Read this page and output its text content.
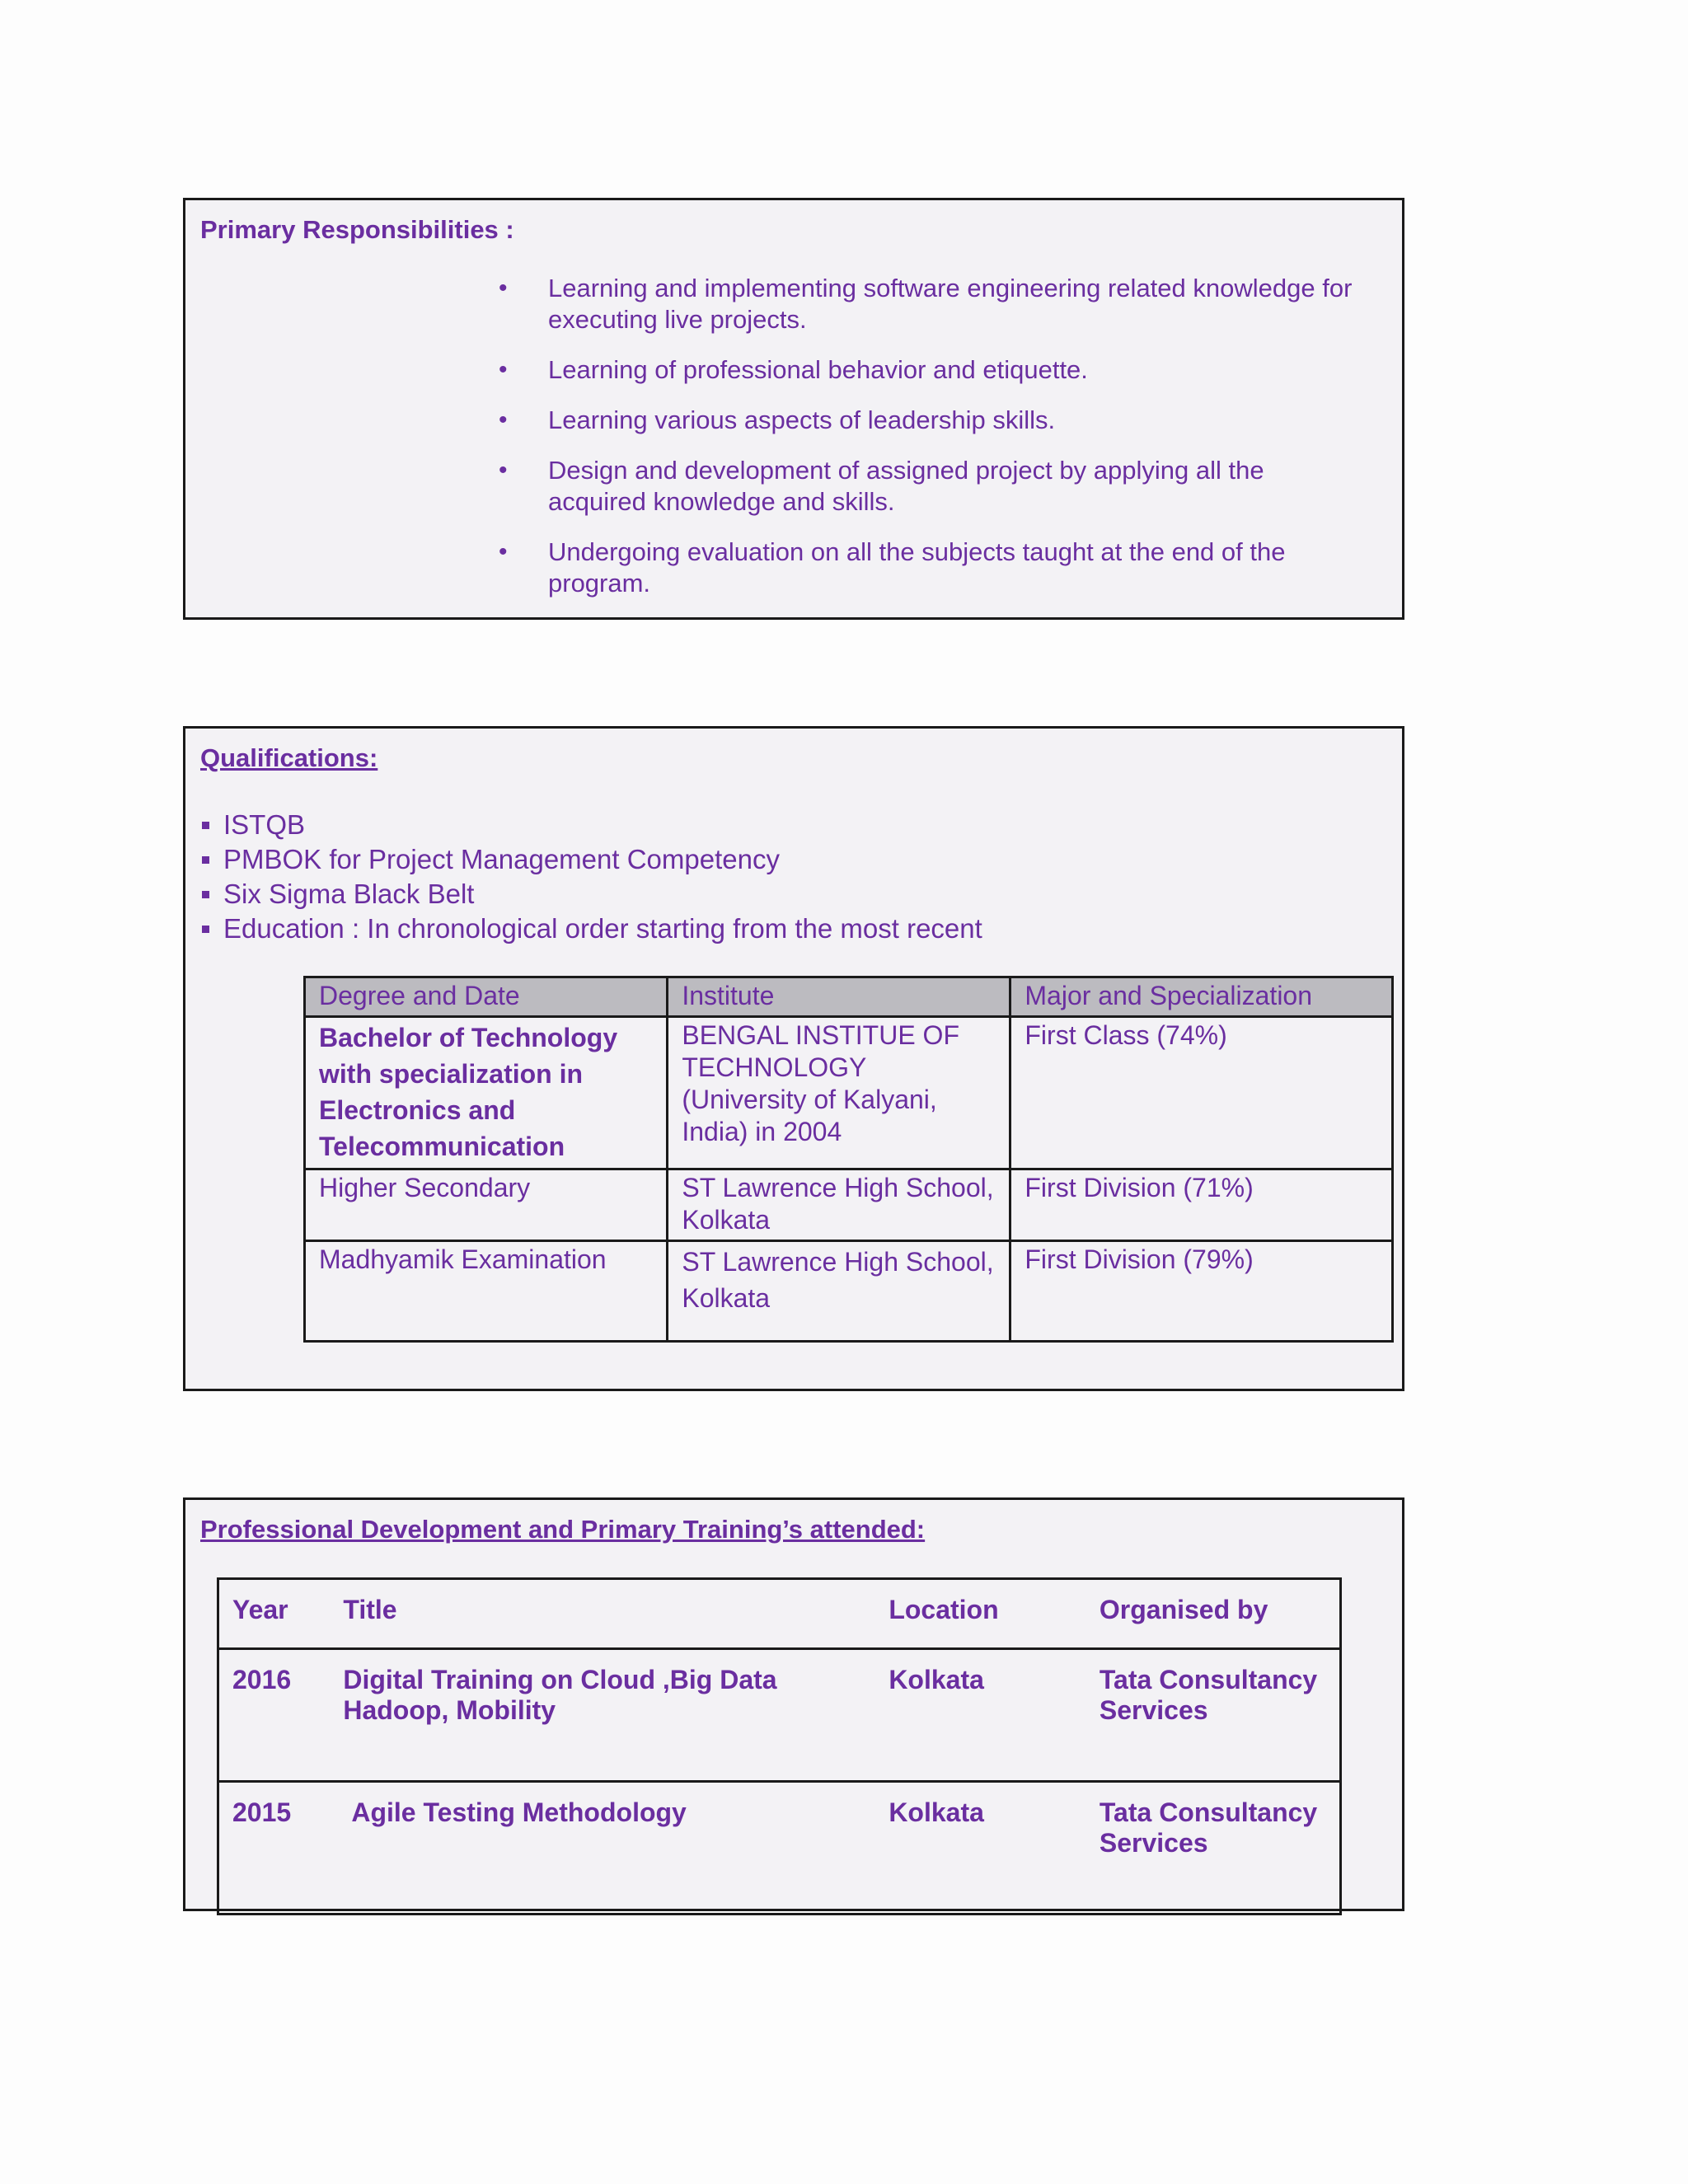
Primary Responsibilities :
• Learning and implementing software engineering related knowledge for executing live projects.
• Learning of professional behavior and etiquette.
• Learning various aspects of leadership skills.
• Design and development of assigned project by applying all the acquired knowledge and skills.
• Undergoing evaluation on all the subjects taught at the end of the program.
Qualifications:
ISTQB
PMBOK for Project Management Competency
Six Sigma Black Belt
Education : In chronological order starting from the most recent
Degree and Date	Institute	Major and Specialization
Bachelor of Technology with specialization in Electronics and Telecommunication	BENGAL INSTITUE OF TECHNOLOGY (University of Kalyani, India) in 2004	First Class (74%)
Higher Secondary	ST Lawrence High School, Kolkata	First Division (71%)
Madhyamik Examination	ST Lawrence High School, Kolkata	First Division (79%)
Professional Development and Primary Training’s attended:
Year	Title	Location	Organised by
2016	Digital Training on Cloud ,Big Data Hadoop, Mobility	Kolkata	Tata Consultancy Services
2015	Agile Testing Methodology	Kolkata	Tata Consultancy Services
